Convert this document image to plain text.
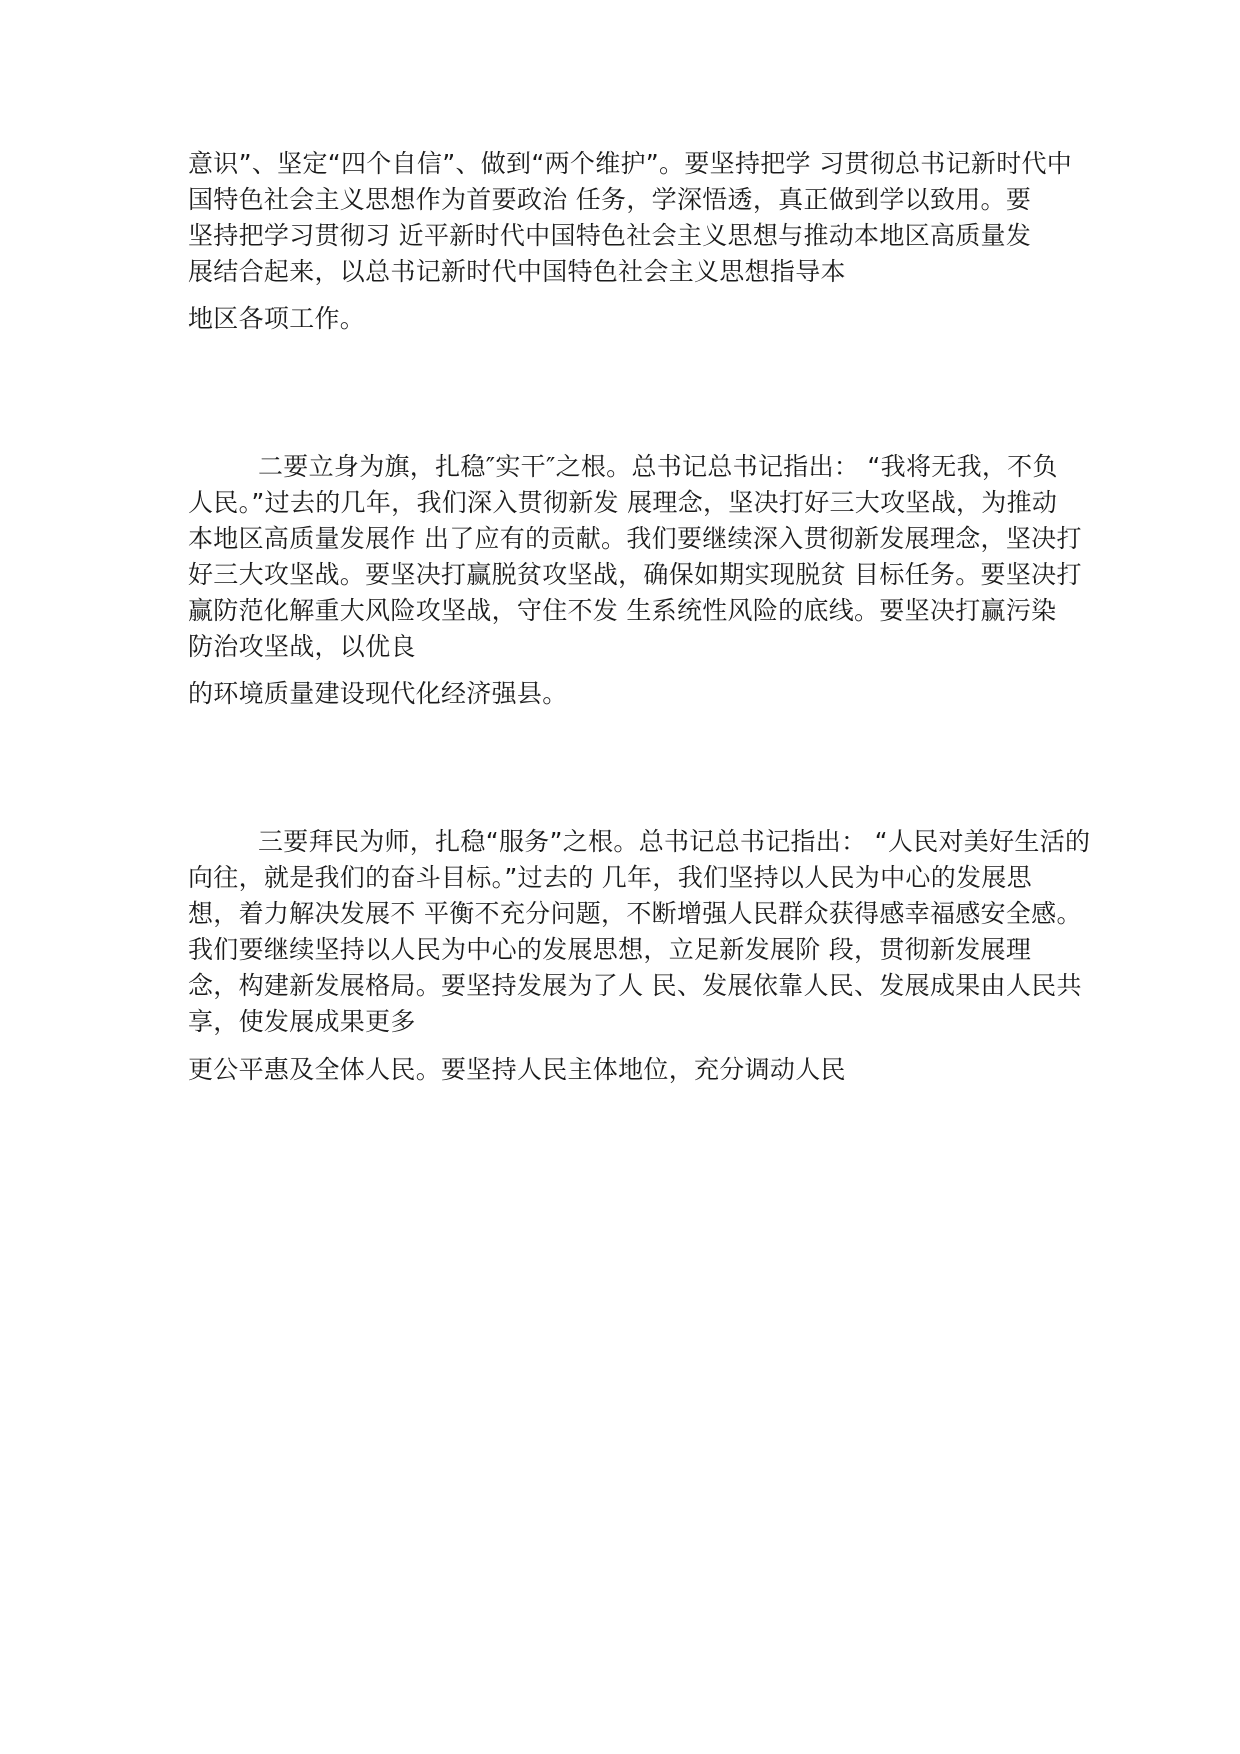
意识”、坚定“四个自信”、做到“两个维护”。要坚持把学 习贯彻总书记新时代中

国特色社会主义思想作为首要政治 任务，学深悟透，真正做到学以致用。要

坚持把学习贯彻习 近平新时代中国特色社会主义思想与推动本地区高质量发

展结合起来，以总书记新时代中国特色社会主义思想指导本

地区各项工作。

二要立身为旗，扎稳″实干″之根。总书记总书记指出： “我将无我，不负

人民。”过去的几年，我们深入贯彻新发 展理念，坚决打好三大攻坚战，为推动

本地区高质量发展作 出了应有的贡献。我们要继续深入贯彻新发展理念，坚决打

好三大攻坚战。要坚决打赢脱贫攻坚战，确保如期实现脱贫 目标任务。要坚决打

赢防范化解重大风险攻坚战，守住不发 生系统性风险的底线。要坚决打赢污染

防治攻坚战，以优良

的环境质量建设现代化经济强县。

三要拜民为师，扎稳“服务”之根。总书记总书记指出： “人民对美好生活的

向往，就是我们的奋斗目标。”过去的 几年，我们坚持以人民为中心的发展思

想，着力解决发展不 平衡不充分问题，不断增强人民群众获得感幸福感安全感。

我们要继续坚持以人民为中心的发展思想，立足新发展阶 段，贯彻新发展理

念，构建新发展格局。要坚持发展为了人 民、发展依靠人民、发展成果由人民共

享，使发展成果更多

更公平惠及全体人民。要坚持人民主体地位，充分调动人民
